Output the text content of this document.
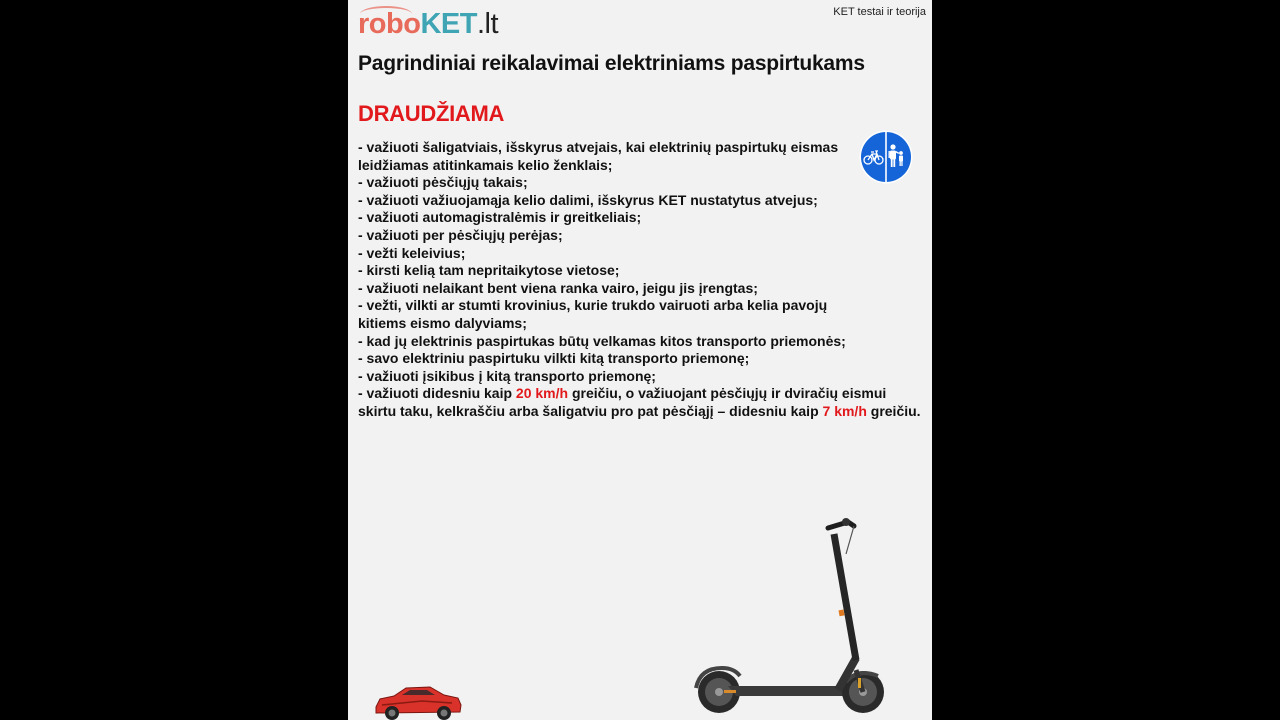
roboKET.lt	KET testai ir teorija
Pagrindiniai reikalavimai elektriniams paspirtukams
DRAUDŽIAMA
- važiuoti šaligatviais, išskyrus atvejais, kai elektrinių paspirtukų eismas
leidžiamas atitinkamais kelio ženklais;
- važiuoti pėsčiųjų takais;
- važiuoti važiuojamąja kelio dalimi, išskyrus KET nustatytus atvejus;
- važiuoti automagistralėmis ir greitkeliais;
- važiuoti per pėsčiųjų perėjas;
- vežti keleivius;
- kirsti kelią tam nepritaikytose vietose;
- važiuoti nelaikant bent viena ranka vairo, jeigu jis įrengtas;
- vežti, vilkti ar stumti krovinius, kurie trukdo vairuoti arba kelia pavojų
kitiems eismo dalyviams;
- kad jų elektrinis paspirtukas būtų velkamas kitos transporto priemonės;
- savo elektriniu paspirtuku vilkti kitą transporto priemonę;
- važiuoti įsikibus į kitą transporto priemonę;
- važiuoti didesniu kaip 20 km/h greičiu, o važiuojant pėsčiųjų ir dviračių eismui
skirtu taku, kelkraščiu arba šaligatviu pro pat pėsčiąjį – didesniu kaip 7 km/h greičiu.
